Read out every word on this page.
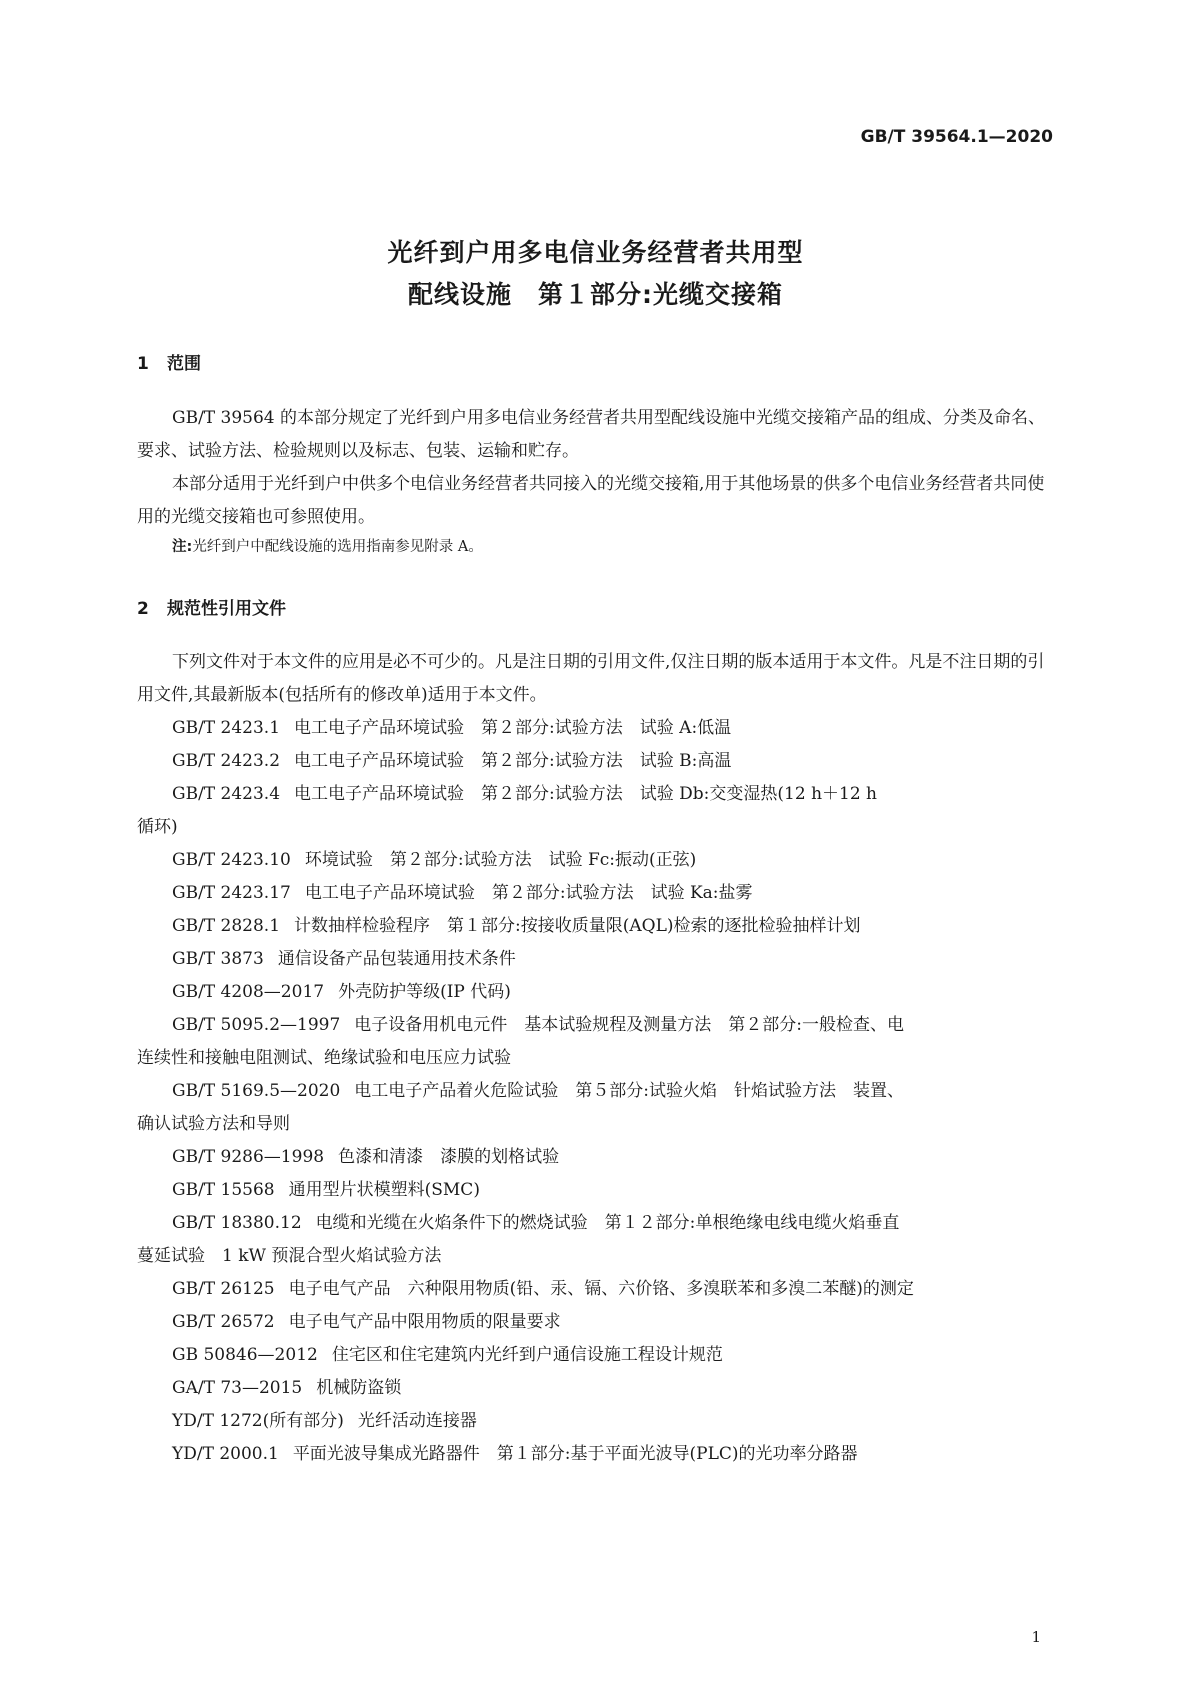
GB/T 39564.1—2020

光纤到户用多电信业务经营者共用型
配线设施　第１部分:光缆交接箱
1 范围

GB/T 39564 的本部分规定了光纤到户用多电信业务经营者共用型配线设施中光缆交接箱产品的组成、分类及命名、要求、试验方法、检验规则以及标志、包装、运输和贮存。

本部分适用于光纤到户中供多个电信业务经营者共同接入的光缆交接箱,用于其他场景的供多个电信业务经营者共同使用的光缆交接箱也可参照使用。

注:光纤到户中配线设施的选用指南参见附录 A。

2 规范性引用文件

下列文件对于本文件的应用是必不可少的。凡是注日期的引用文件,仅注日期的版本适用于本文件。凡是不注日期的引用文件,其最新版本(包括所有的修改单)适用于本文件。

GB/T 2423.1 电工电子产品环境试验　第２部分:试验方法　试验 A:低温

GB/T 2423.2 电工电子产品环境试验　第２部分:试验方法　试验 B:高温

GB/T 2423.4 电工电子产品环境试验　第２部分:试验方法　试验 Db:交变湿热(12 h＋12 h

循环)

GB/T 2423.10 环境试验　第２部分:试验方法　试验 Fc:振动(正弦)

GB/T 2423.17 电工电子产品环境试验　第２部分:试验方法　试验 Ka:盐雾

GB/T 2828.1 计数抽样检验程序　第１部分:按接收质量限(AQL)检索的逐批检验抽样计划

GB/T 3873 通信设备产品包装通用技术条件

GB/T 4208—2017 外壳防护等级(IP 代码)

GB/T 5095.2—1997 电子设备用机电元件　基本试验规程及测量方法　第２部分:一般检查、电

连续性和接触电阻测试、绝缘试验和电压应力试验

GB/T 5169.5—2020 电工电子产品着火危险试验　第５部分:试验火焰　针焰试验方法　装置、

确认试验方法和导则

GB/T 9286—1998 色漆和清漆　漆膜的划格试验

GB/T 15568 通用型片状模塑料(SMC)

GB/T 18380.12 电缆和光缆在火焰条件下的燃烧试验　第１２部分:单根绝缘电线电缆火焰垂直

蔓延试验　1 kW 预混合型火焰试验方法

GB/T 26125 电子电气产品　六种限用物质(铅、汞、镉、六价铬、多溴联苯和多溴二苯醚)的测定

GB/T 26572 电子电气产品中限用物质的限量要求

GB 50846—2012 住宅区和住宅建筑内光纤到户通信设施工程设计规范

GA/T 73—2015 机械防盗锁

YD/T 1272(所有部分) 光纤活动连接器

YD/T 2000.1 平面光波导集成光路器件　第１部分:基于平面光波导(PLC)的光功率分路器

1
